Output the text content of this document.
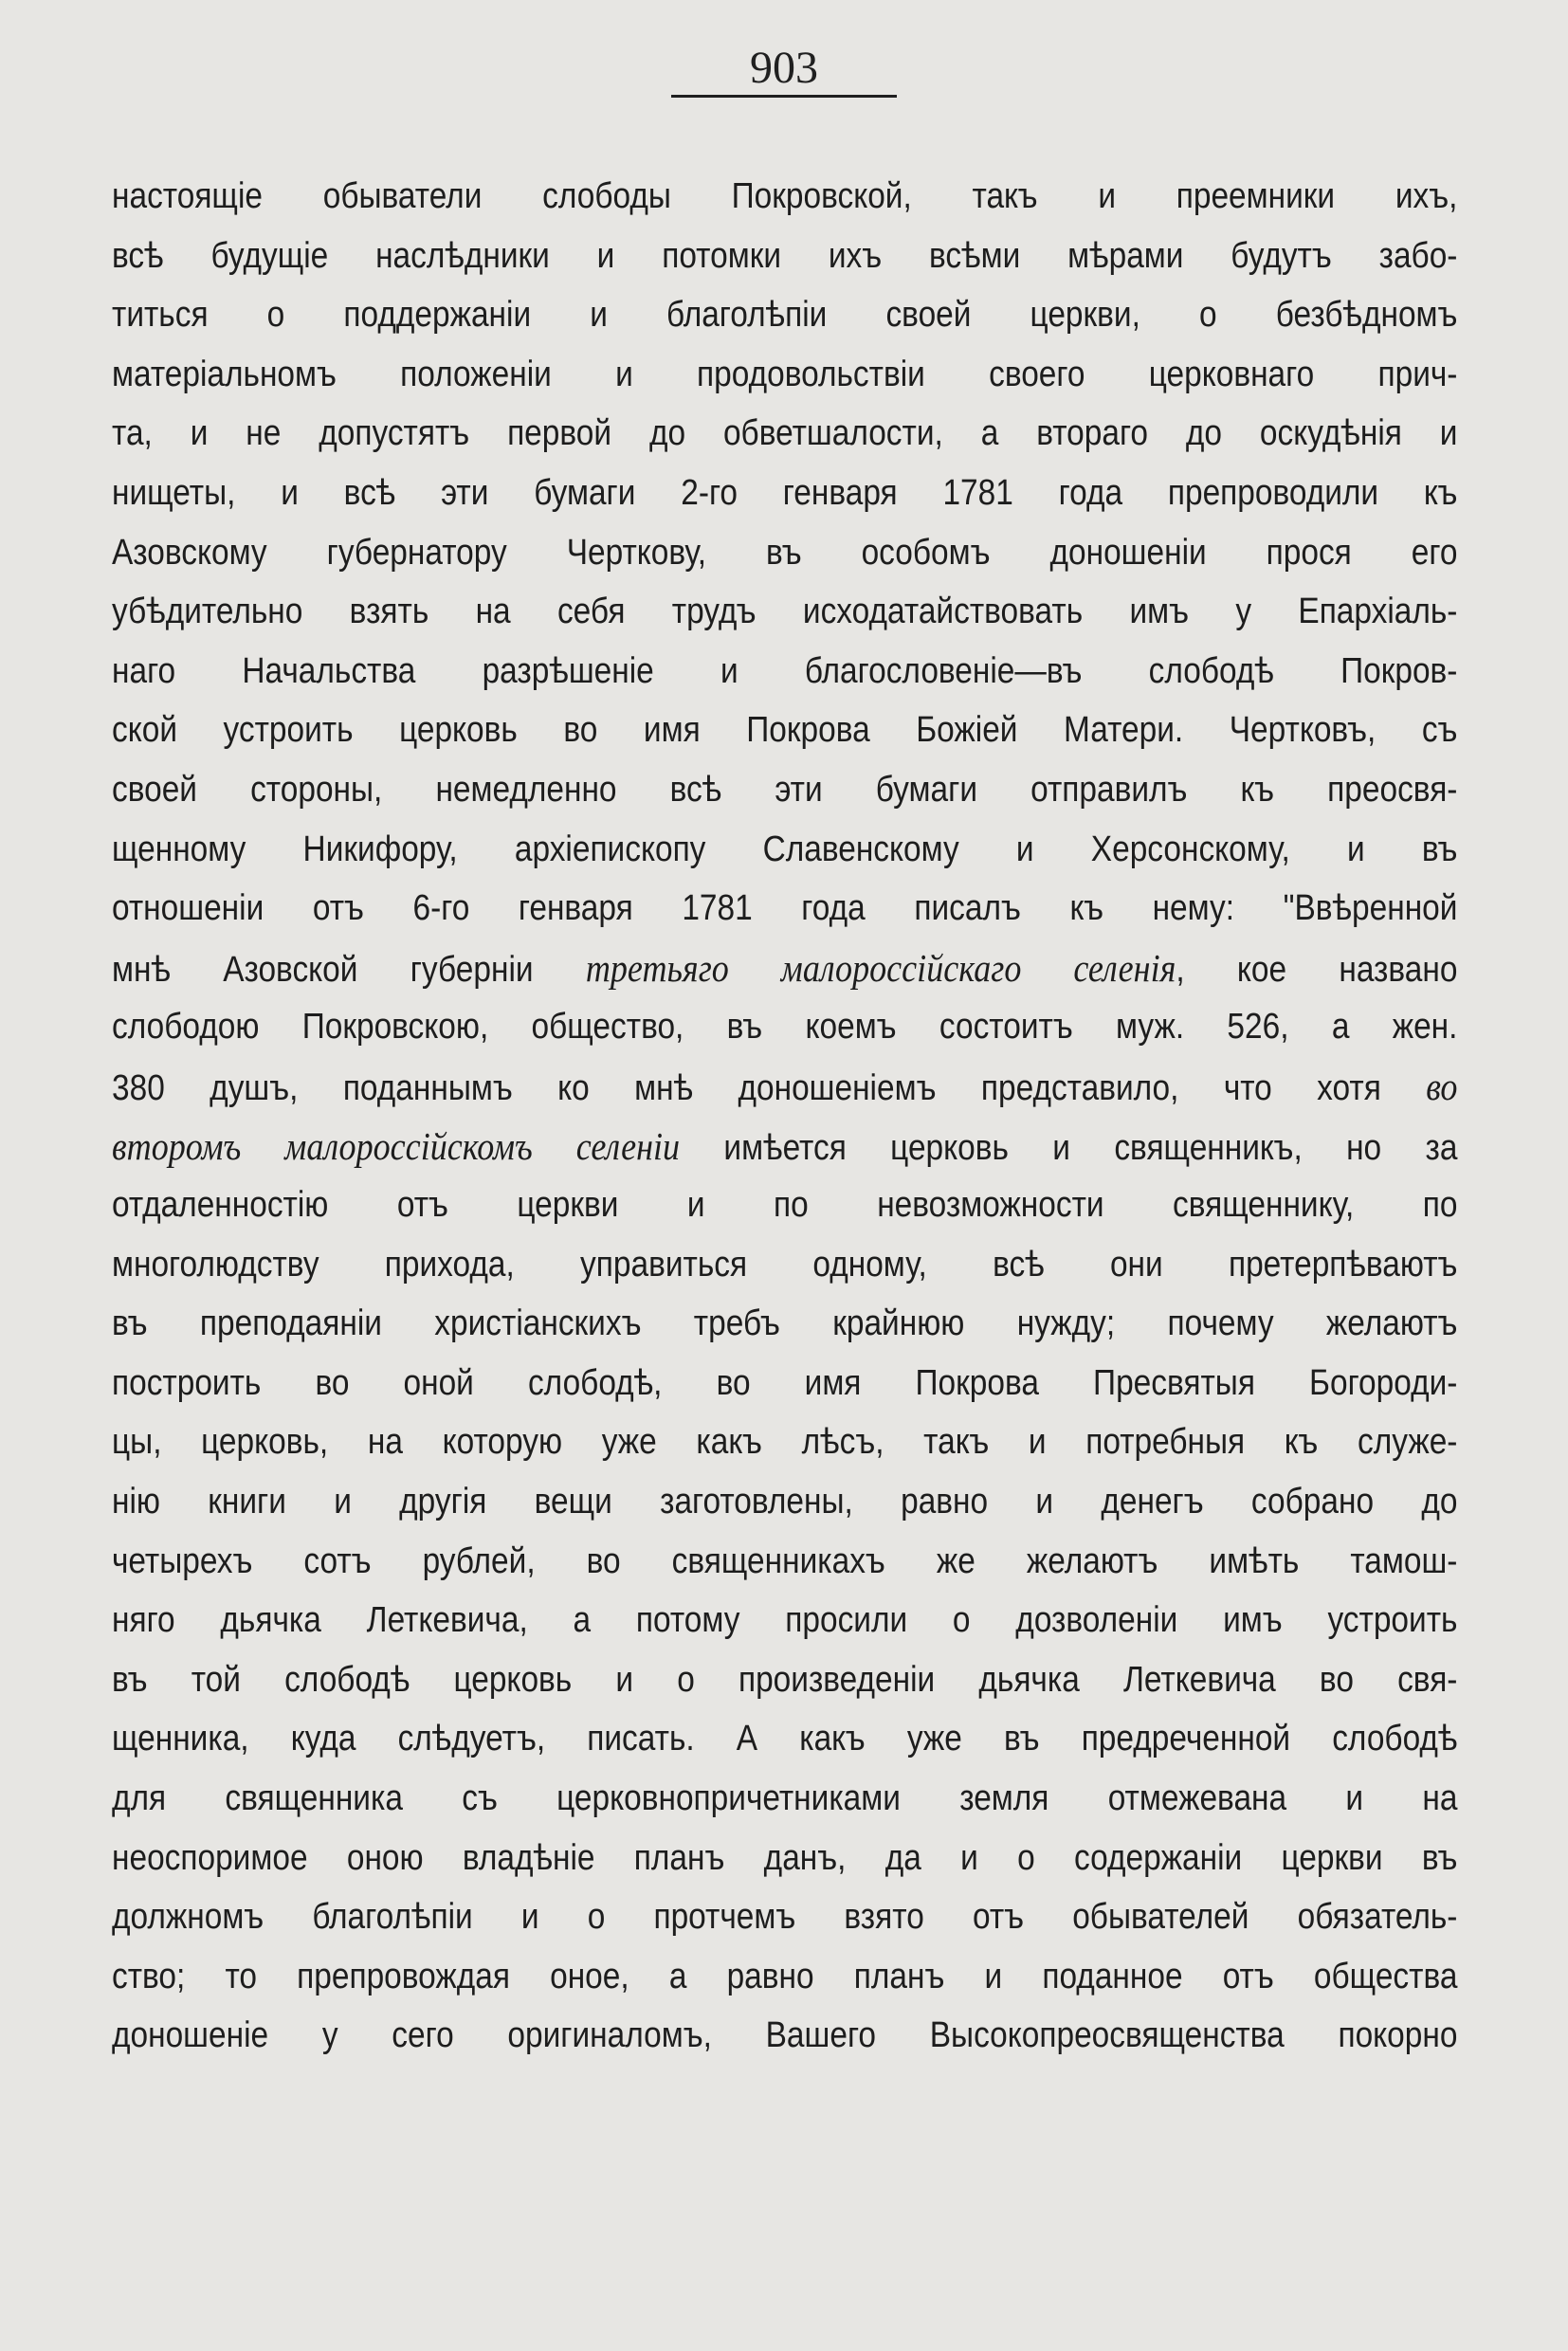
903
настоящіе обыватели слободы Покровской, такъ и преемники ихъ,
всѣ будущіе наслѣдники и потомки ихъ всѣми мѣрами будутъ забо-
титься о поддержаніи и благолѣпіи своей церкви, о безбѣдномъ
матеріальномъ положеніи и продовольствіи своего церковнаго прич-
та, и не допустятъ первой до обветшалости, а втораго до оскудѣнія и
нищеты, и всѣ эти бумаги 2-го генваря 1781 года препроводили къ
Азовскому губернатору Черткову, въ особомъ доношеніи прося его
убѣдительно взять на себя трудъ исходатайствовать имъ у Епархіаль-
наго Начальства разрѣшеніе и благословеніе—въ слободѣ Покров-
ской устроить церковь во имя Покрова Божіей Матери. Чертковъ, съ
своей стороны, немедленно всѣ эти бумаги отправилъ къ преосвя-
щенному Никифору, архіепископу Славенскому и Херсонскому, и въ
отношеніи отъ 6-го генваря 1781 года писалъ къ нему: "Ввѣренной
мнѣ Азовской губерніи третьяго малороссійскаго селенія, кое названо
слободою Покровскою, общество, въ коемъ состоитъ муж. 526, а жен.
380 душъ, поданнымъ ко мнѣ доношеніемъ представило, что хотя во
второмъ малороссійскомъ селеніи имѣется церковь и священникъ, но за
отдаленностію отъ церкви и по невозможности священнику, по
многолюдству прихода, управиться одному, всѣ они претерпѣваютъ
въ преподаяніи христіанскихъ требъ крайнюю нужду; почему желаютъ
построить во оной слободѣ, во имя Покрова Пресвятыя Богороди-
цы, церковь, на которую уже какъ лѣсъ, такъ и потребныя къ служе-
нію книги и другія вещи заготовлены, равно и денегъ собрано до
четырехъ сотъ рублей, во священникахъ же желаютъ имѣть тамош-
няго дьячка Леткевича, а потому просили о дозволеніи имъ устроить
въ той слободѣ церковь и о произведеніи дьячка Леткевича во свя-
щенника, куда слѣдуетъ, писать. А какъ уже въ предреченной слободѣ
для священника съ церковнопричетниками земля отмежевана и на
неоспоримое оною владѣніе планъ данъ, да и о содержаніи церкви въ
должномъ благолѣпіи и о протчемъ взято отъ обывателей обязатель-
ство; то препровождая оное, а равно планъ и поданное отъ общества
доношеніе у сего оригиналомъ, Вашего Высокопреосвященства покорно
